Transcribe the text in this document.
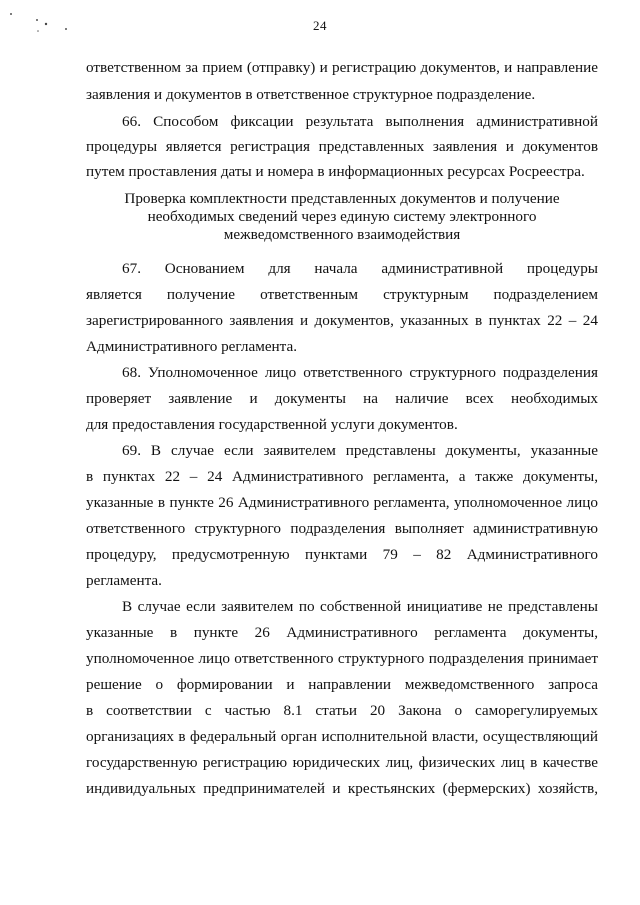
24
ответственном за прием (отправку) и регистрацию документов, и направление
заявления и документов в ответственное структурное подразделение.
66. Способом фиксации результата выполнения административной
процедуры является регистрация представленных заявления и документов
путем проставления даты и номера в информационных ресурсах Росреестра.
Проверка комплектности представленных документов и получение
необходимых сведений через единую систему электронного
межведомственного взаимодействия
67. Основанием для начала административной процедуры
является получение ответственным структурным подразделением
зарегистрированного заявления и документов, указанных в пунктах 22 – 24
Административного регламента.
68. Уполномоченное лицо ответственного структурного подразделения
проверяет заявление и документы на наличие всех необходимых
для предоставления государственной услуги документов.
69. В случае если заявителем представлены документы, указанные
в пунктах 22 – 24 Административного регламента, а также документы,
указанные в пункте 26 Административного регламента, уполномоченное лицо
ответственного структурного подразделения выполняет административную
процедуру, предусмотренную пунктами 79 – 82 Административного
регламента.
В случае если заявителем по собственной инициативе не представлены
указанные в пункте 26 Административного регламента документы,
уполномоченное лицо ответственного структурного подразделения принимает
решение о формировании и направлении межведомственного запроса
в соответствии с частью 8.1 статьи 20 Закона о саморегулируемых
организациях в федеральный орган исполнительной власти, осуществляющий
государственную регистрацию юридических лиц, физических лиц в качестве
индивидуальных предпринимателей и крестьянских (фермерских) хозяйств,
